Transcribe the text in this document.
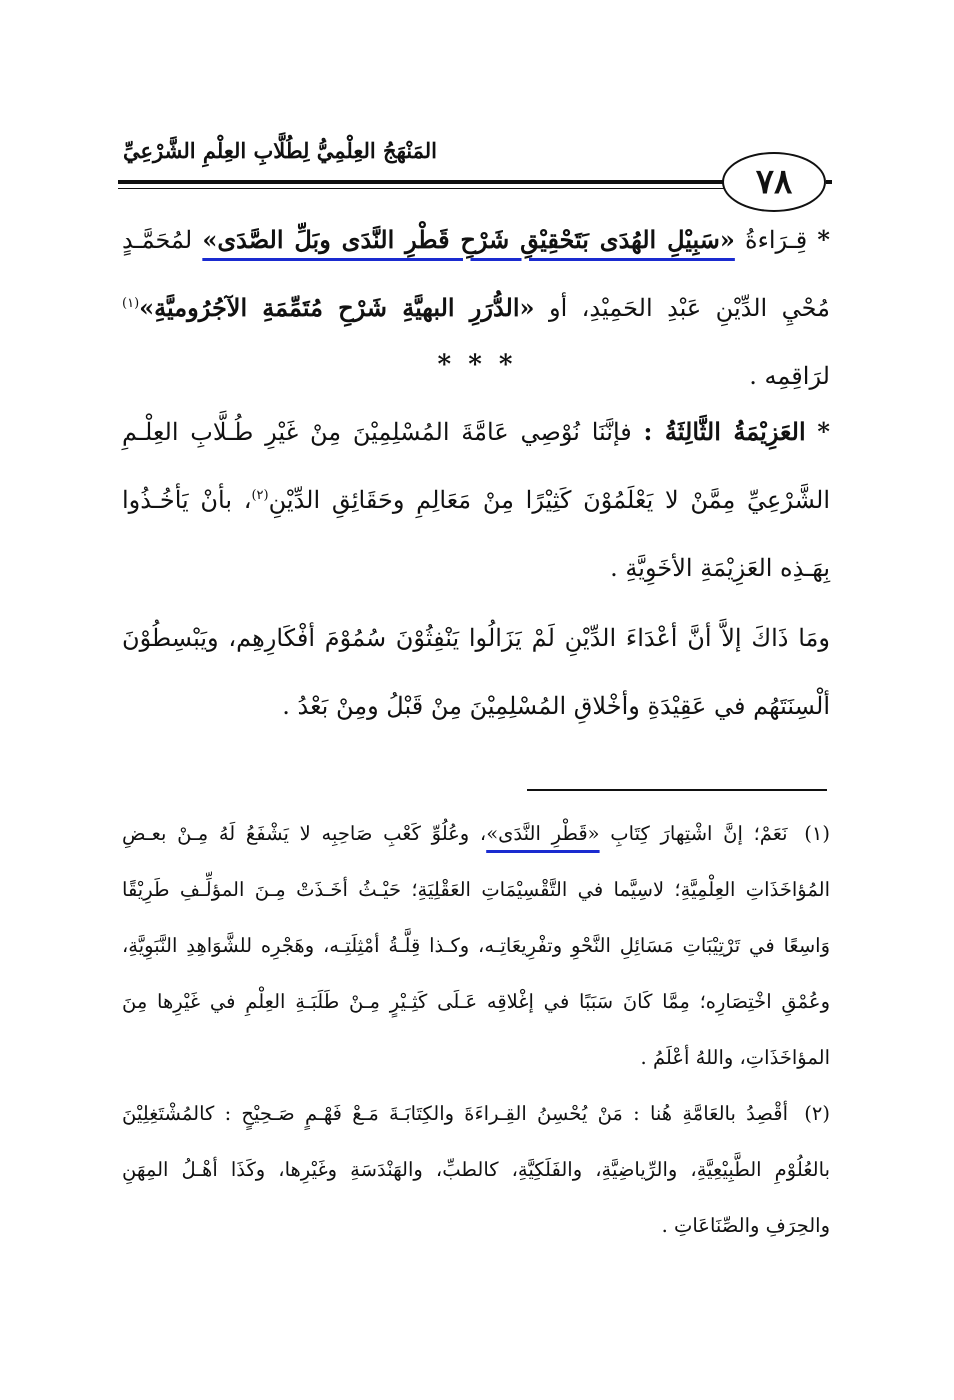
المَنْهَجُ العِلْمِيُّ لِطُلَّابِ العِلْمِ الشَّرْعِيِّ
٧٨
* قِـرَاءةُ «سَبِيْلِ الهُدَى بَتَحْقِيْقِ شَرْحِ قَطْرِ النَّدَى وبَلِّ الصَّدَى» لمُحَمَّـدٍ مُحْيِ الدِّيْنِ عَبْدِ الحَمِيْدِ، أو «الدُّرَرِ البهيَّةِ شَرْحِ مُتَمِّمَةِ الآجُرُوميَّةِ»$^{(١)}$ لرَاقِمِه .
* * *
* العَزِيْمَةُ الثَّالِثَةُ : فإنَّنَا نُوْصِي عَامَّةَ المُسْلِمِيْنَ مِنْ غَيْرِ طُـلَّابِ العِلْـمِ الشَّرْعِيِّ مِمَّنْ لا يَعْلَمُوْنَ كَثِيْرًا مِنْ مَعَالِمِ وحَقَائِقِ الدِّيْنِ$^{(٢)}$، بأنْ يَأخُـذُوا بِهَـذِه العَزِيْمَةِ الأخَوِيَّةِ .
ومَا ذَاكَ إلاَّ أنَّ أعْدَاءَ الدِّيْنِ لَمْ يَزَالُوا يَنْفِثُوْنَ سُمُوْمَ أفْكَارِهِم، ويَبْسِطُوْنَ ألْسِنَتَهُم في عَقِيْدَةِ وأخْلاقِ المُسْلِمِيْنَ مِنْ قَبْلُ ومِنْ بَعْدُ .
(١) نَعَمْ؛ إنَّ اشْتِهارَ كِتَابِ «قَطْرِ النَّدَى»، وعُلُوِّ كَعْبِ صَاحِبِه لا يَشْفَعُ لَهُ مِـنْ بعـضِ المُؤاخَذَاتِ العِلْمِيَّةِ؛ لاسِيَّما في التَّقْسِيْمَاتِ العَقْلِيَةِ؛ حَيْـثُ أخَـذَتْ مِـنَ المؤلِّـفِ طَرِيْقًا وَاسِعًا في تَرْتِيْبَاتِ مَسَائِلِ النَّحْوِ وتفْرِيعَاتِـه، وكـذا قِلَّـةُ أمْثِلَتِـه، وهَجْرِه للشَّوَاهِدِ النَّبَوِيَّةِ، وعُمْقِ اخْتِصَارِه؛ مِمَّا كَانَ سَبَبًا في إغْلاقِه عَـلَى كَثِـيْرٍ مِـنْ طَلَبَـةِ العِلْمِ في غَيْرِها مِنَ المؤاخَذَاتِ، واللهُ أعْلَمُ .
(٢) أقْصِدُ بالعَامَّةِ هُنا : مَنْ يُحْسِنُ القِـراءَةَ والكِتَابَـةَ مَـعْ فَهْـمٍ صَـحِيْحٍ : كالمُشْتَغِلِيْنَ بالعُلُوْمِ الطَّبِيْعِيَّةِ، والرِّياضِيَّةِ، والفَلَكِيَّةِ، كالطبِّ، والهَنْدَسَةِ وغَيْرِها، وكَذَا أهْـلُ المِهَنِ والحِرَفِ والصِّنَاعَاتِ .
